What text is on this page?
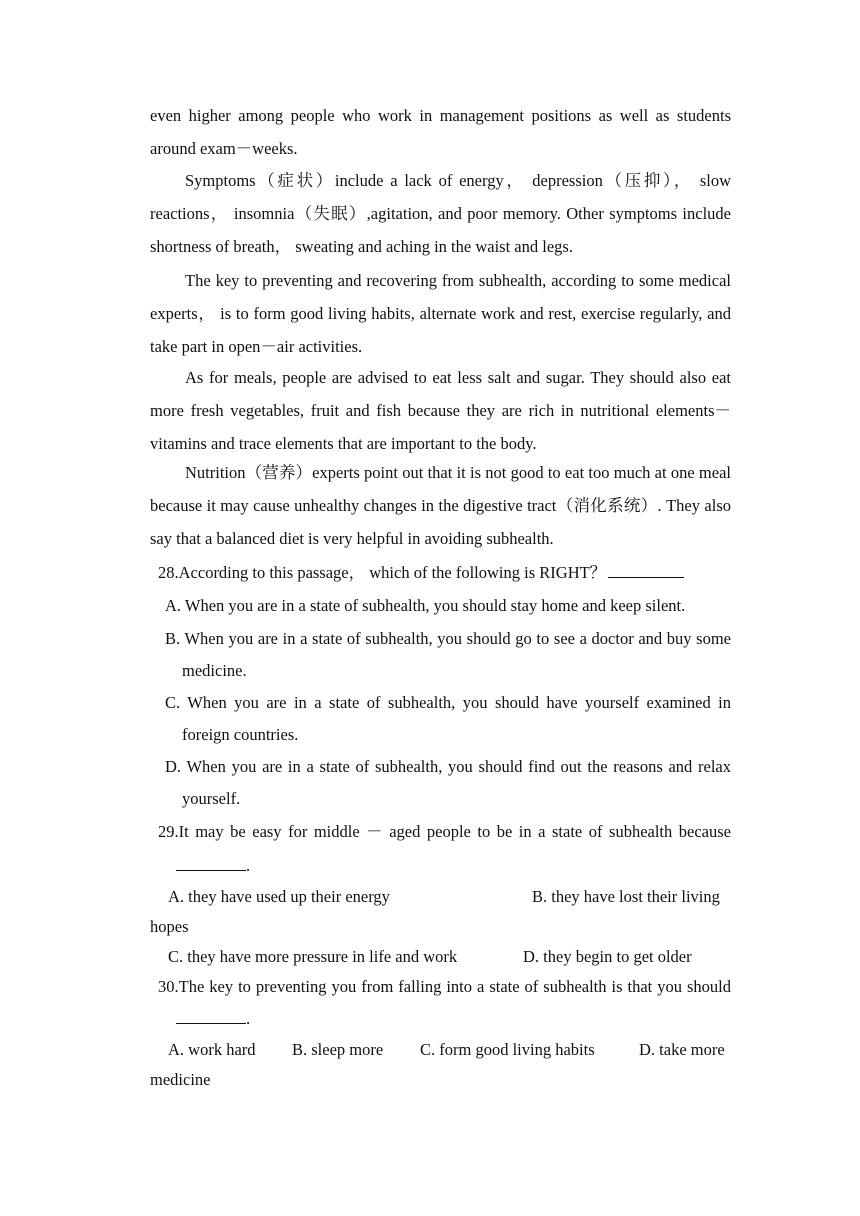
even higher among people who work in management positions as well as students around exam－weeks.
Symptoms（症状）include a lack of energy， depression（压抑）， slow reactions， insomnia（失眠）,agitation, and poor memory. Other symptoms include shortness of breath， sweating and aching in the waist and legs.
The key to preventing and recovering from subhealth, according to some medical experts， is to form good living habits, alternate work and rest, exercise regularly, and take part in open－air activities.
As for meals, people are advised to eat less salt and sugar. They should also eat more fresh vegetables, fruit and fish because they are rich in nutritional elements－vitamins and trace elements that are important to the body.
Nutrition（营养）experts point out that it is not good to eat too much at one meal because it may cause unhealthy changes in the digestive tract（消化系统）. They also say that a balanced diet is very helpful in avoiding subhealth.
28.According to this passage， which of the following is RIGHT？
A. When you are in a state of subhealth, you should stay home and keep silent.
B. When you are in a state of subhealth, you should go to see a doctor and buy some medicine.
C. When you are in a state of subhealth, you should have yourself examined in foreign countries.
D. When you are in a state of subhealth, you should find out the reasons and relax yourself.
29.It may be easy for middle － aged people to be in a state of subhealth because.
A. they have used up their energy	B. they have lost their living
hopes
C. they have more pressure in life and work	D. they begin to get older
30.The key to preventing you from falling into a state of subhealth is that you should.
A. work hard B. sleep more C. form good living habits	D. take more
medicine
